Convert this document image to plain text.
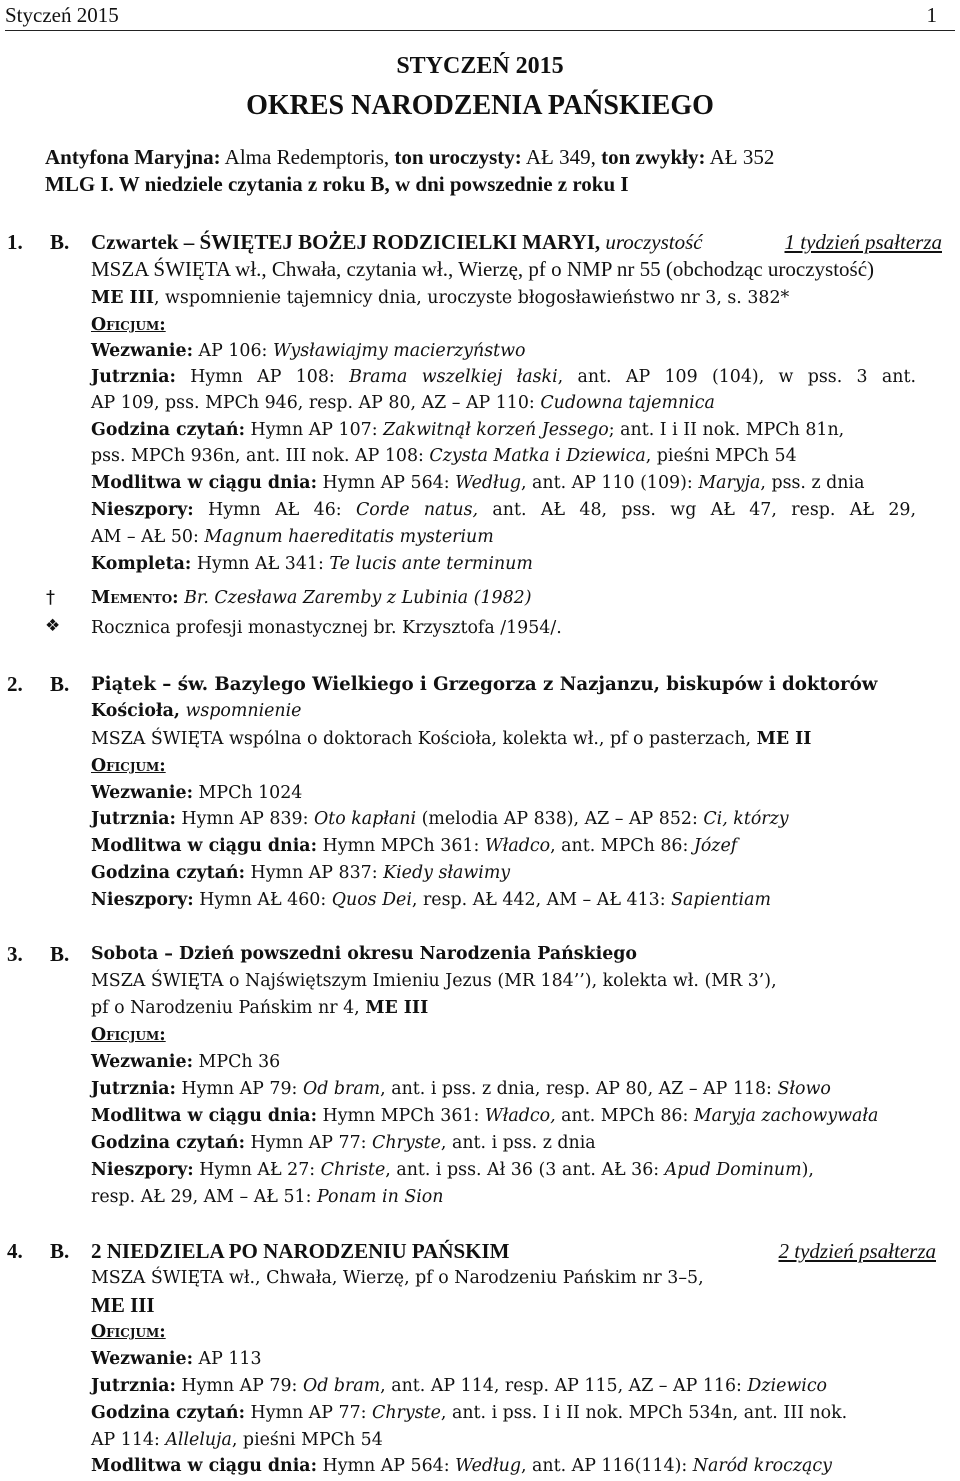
Styczeń 2015	1
STYCZEŃ 2015
OKRES NARODZENIA PAŃSKIEGO
Antyfona Maryjna: Alma Redemptoris, ton uroczysty: AŁ 349, ton zwykły: AŁ 352
MLG I. W niedziele czytania z roku B, w dni powszednie z roku I
1. B. Czwartek – ŚWIĘTEJ BOŻEJ RODZICIELKI MARYI, uroczystość	1 tydzień psałterza
MSZA ŚWIĘTA wł., Chwała, czytania wł., Wierzę, pf o NMP nr 55 (obchodząc uroczystość)
ME III, wspomnienie tajemnicy dnia, uroczyste błogosławieństwo nr 3, s. 382*
Oficjum:
Wezwanie: AP 106: Wysławiajmy macierzyństwo
Jutrznia: Hymn AP 108: Brama wszelkiej łaski, ant. AP 109 (104), w pss. 3 ant.
AP 109, pss. MPCh 946, resp. AP 80, AZ – AP 110: Cudowna tajemnica
Godzina czytań: Hymn AP 107: Zakwitnął korzeń Jessego; ant. I i II nok. MPCh 81n,
pss. MPCh 936n, ant. III nok. AP 108: Czysta Matka i Dziewica, pieśni MPCh 54
Modlitwa w ciągu dnia: Hymn AP 564: Według, ant. AP 110 (109): Maryja, pss. z dnia
Nieszpory: Hymn AŁ 46: Corde natus, ant. AŁ 48, pss. wg AŁ 47, resp. AŁ 29,
AM – AŁ 50: Magnum haereditatis mysterium
Kompleta: Hymn AŁ 341: Te lucis ante terminum
† Memento: Br. Czesława Zaremby z Lubinia (1982)
❖ Rocznica profesji monastycznej br. Krzysztofa /1954/.
2. B. Piątek – św. Bazylego Wielkiego i Grzegorza z Nazjanzu, biskupów i doktorów
Kościoła, wspomnienie
MSZA ŚWIĘTA wspólna o doktorach Kościoła, kolekta wł., pf o pasterzach, ME II
Oficjum:
Wezwanie: MPCh 1024
Jutrznia: Hymn AP 839: Oto kapłani (melodia AP 838), AZ – AP 852: Ci, którzy
Modlitwa w ciągu dnia: Hymn MPCh 361: Władco, ant. MPCh 86: Józef
Godzina czytań: Hymn AP 837: Kiedy sławimy
Nieszpory: Hymn AŁ 460: Quos Dei, resp. AŁ 442, AM – AŁ 413: Sapientiam
3. B. Sobota – Dzień powszedni okresu Narodzenia Pańskiego
MSZA ŚWIĘTA o Najświętszym Imieniu Jezus (MR 184’’), kolekta wł. (MR 3’),
pf o Narodzeniu Pańskim nr 4, ME III
Oficjum:
Wezwanie: MPCh 36
Jutrznia: Hymn AP 79: Od bram, ant. i pss. z dnia, resp. AP 80, AZ – AP 118: Słowo
Modlitwa w ciągu dnia: Hymn MPCh 361: Władco, ant. MPCh 86: Maryja zachowywała
Godzina czytań: Hymn AP 77: Chryste, ant. i pss. z dnia
Nieszpory: Hymn AŁ 27: Christe, ant. i pss. Ał 36 (3 ant. AŁ 36: Apud Dominum),
resp. AŁ 29, AM – AŁ 51: Ponam in Sion
4. B. 2 NIEDZIELA PO NARODZENIU PAŃSKIM	2 tydzień psałterza
MSZA ŚWIĘTA wł., Chwała, Wierzę, pf o Narodzeniu Pańskim nr 3–5,
ME III
Oficjum:
Wezwanie: AP 113
Jutrznia: Hymn AP 79: Od bram, ant. AP 114, resp. AP 115, AZ – AP 116: Dziewico
Godzina czytań: Hymn AP 77: Chryste, ant. i pss. I i II nok. MPCh 534n, ant. III nok.
AP 114: Alleluja, pieśni MPCh 54
Modlitwa w ciągu dnia: Hymn AP 564: Według, ant. AP 116(114): Naród kroczący
